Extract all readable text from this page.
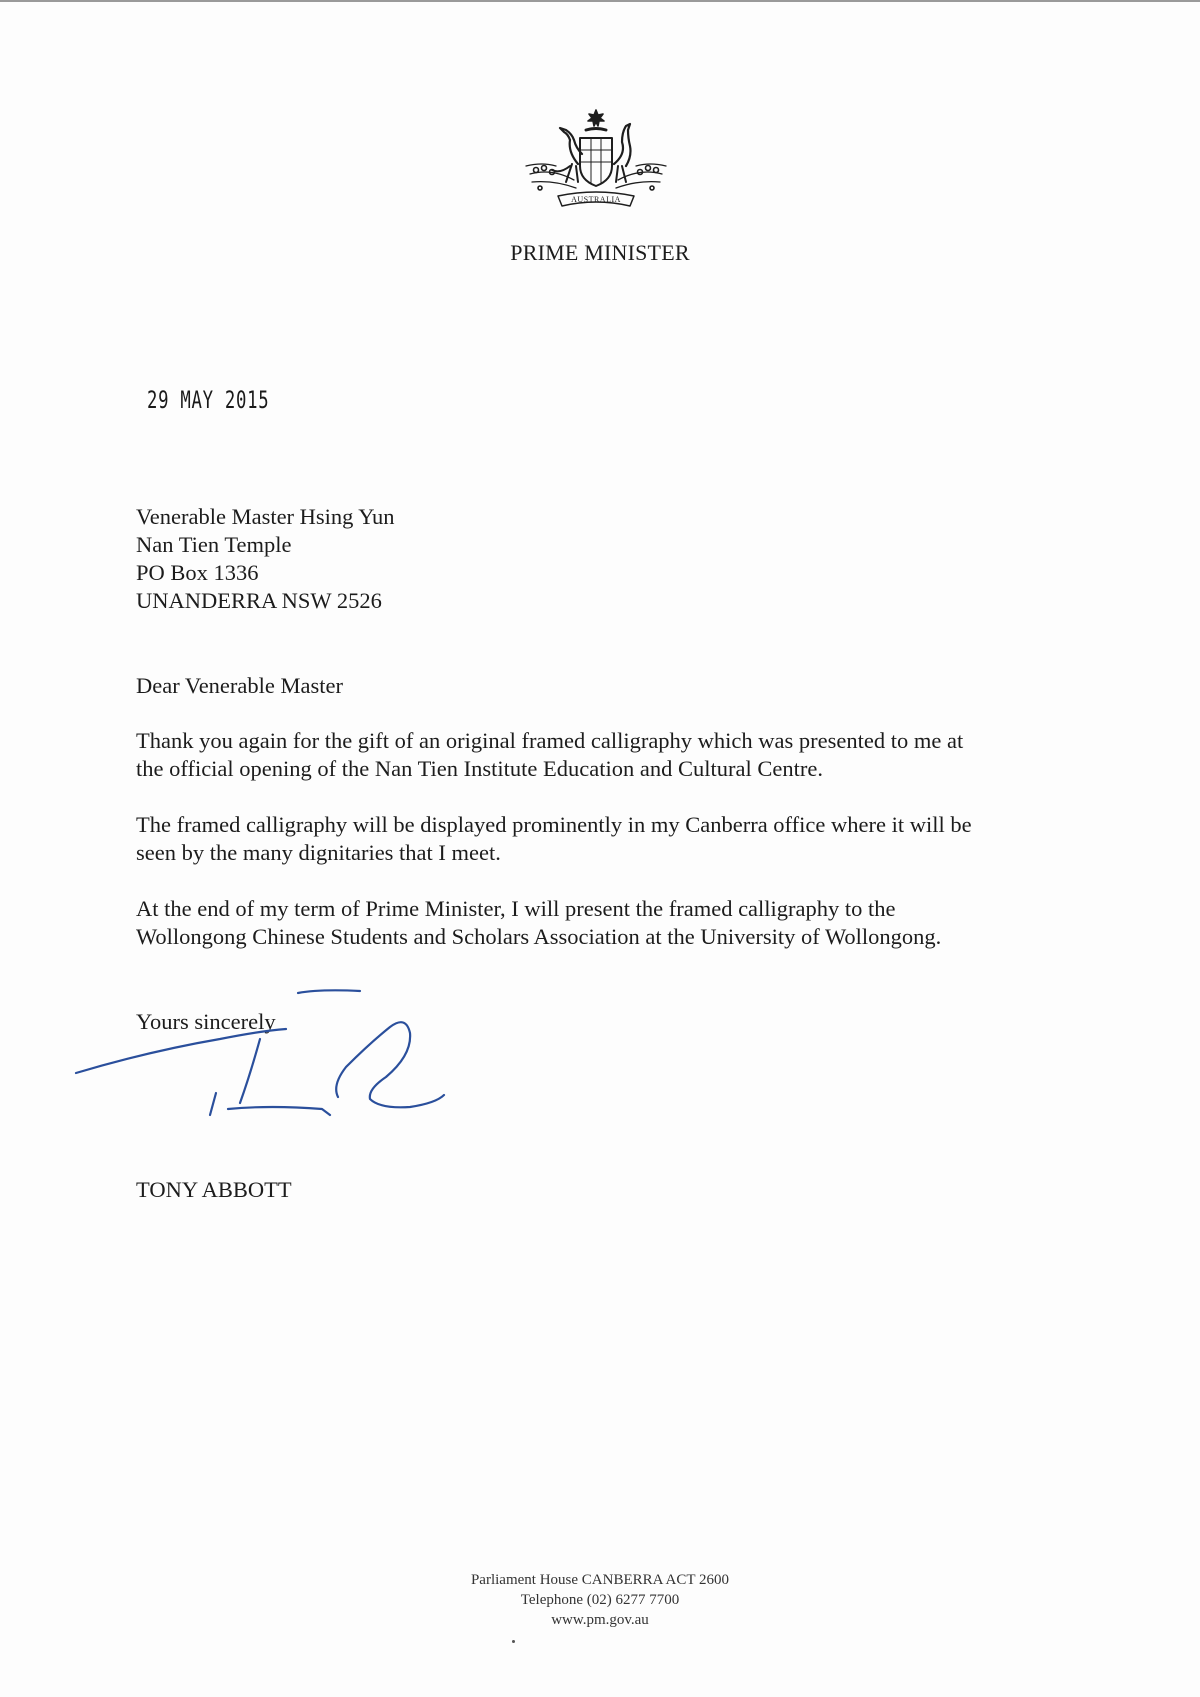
AUSTRALIA
PRIME MINISTER
29 MAY 2015
Venerable Master Hsing Yun
Nan Tien Temple
PO Box 1336
UNANDERRA NSW 2526
Dear Venerable Master
Thank you again for the gift of an original framed calligraphy which was presented to me at
the official opening of the Nan Tien Institute Education and Cultural Centre.
The framed calligraphy will be displayed prominently in my Canberra office where it will be
seen by the many dignitaries that I meet.
At the end of my term of Prime Minister, I will present the framed calligraphy to the
Wollongong Chinese Students and Scholars Association at the University of Wollongong.
Yours sincerely
TONY ABBOTT
Parliament House CANBERRA ACT 2600
Telephone (02) 6277 7700
www.pm.gov.au
